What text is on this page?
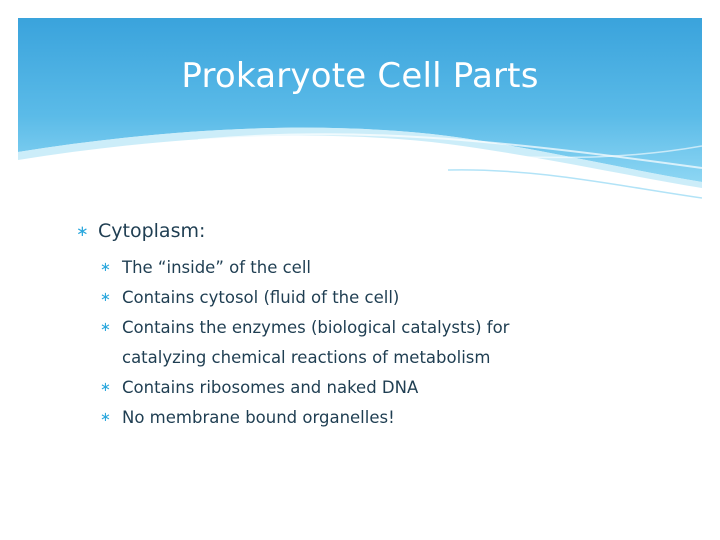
Prokaryote Cell Parts
∗ Cytoplasm:
∗ The “inside” of the cell
∗ Contains cytosol (fluid of the cell)
∗ Contains the enzymes (biological catalysts) for
catalyzing chemical reactions of metabolism
∗ Contains ribosomes and naked DNA
∗ No membrane bound organelles!
